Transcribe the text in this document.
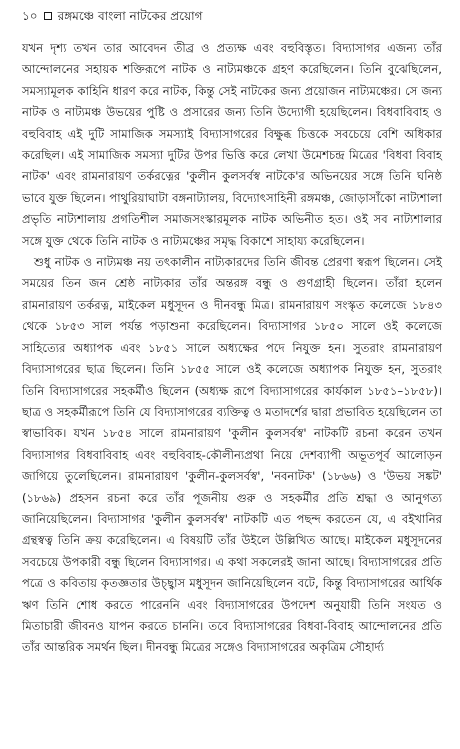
১০ রঙ্গমঞ্চে বাংলা নাটকের প্রয়োগ

যখন দৃশ্য তখন তার আবেদন তীব্র ও প্রত্যক্ষ এবং বহুবিস্তৃত। বিদ্যাসাগর এজন্য তাঁর আন্দোলনের সহায়ক শক্তিরূপে নাটক ও নাট্যমঞ্চকে গ্রহণ করেছিলেন। তিনি বুঝেছিলেন, সমস্যামূলক কাহিনি ধারণ করে নাটক, কিন্তু সেই নাটকের জন্য প্রয়োজন নাট্যমঞ্চের। সে জন্য নাটক ও নাট্যমঞ্চ উভয়ের পুষ্টি ও প্রসারের জন্য তিনি উদ্যোগী হয়েছিলেন। বিধবাবিবাহ ও বহুবিবাহ এই দুটি সামাজিক সমস্যাই বিদ্যাসাগরের বিক্ষুব্ধ চিত্তকে সবচেয়ে বেশি অধিকার করেছিল। এই সামাজিক সমস্যা দুটির উপর ভিত্তি করে লেখা উমেশচন্দ্র মিত্রের 'বিধবা বিবাহ নাটক' এবং রামনারায়ণ তর্করত্নের 'কুলীন কুলসর্বস্ব নাটকে'র অভিনয়ের সঙ্গে তিনি ঘনিষ্ঠ ভাবে যুক্ত ছিলেন। পাথুরিয়াঘাটা বঙ্গনাট্যালয়, বিদ্যোৎসাহিনী রঙ্গমঞ্চ, জোড়াসাঁকো নাট্যশালা প্রভৃতি নাট্যশালায় প্রগতিশীল সমাজসংস্কারমূলক নাটক অভিনীত হত। ওই সব নাট্যশালার সঙ্গে যুক্ত থেকে তিনি নাটক ও নাট্যমঞ্চের সমৃদ্ধ বিকাশে সাহায্য করেছিলেন।

শুধু নাটক ও নাট্যমঞ্চ নয় তৎকালীন নাট্যকারদের তিনি জীবন্ত প্রেরণা স্বরূপ ছিলেন। সেই সময়ের তিন জন শ্রেষ্ঠ নাট্যকার তাঁর অন্তরঙ্গ বন্ধু ও গুণগ্রাহী ছিলেন। তাঁরা হলেন রামনারায়ণ তর্করত্ন, মাইকেল মধুসূদন ও দীনবন্ধু মিত্র। রামনারায়ণ সংস্কৃত কলেজে ১৮৪৩ থেকে ১৮৫৩ সাল পর্যন্ত পড়াশুনা করেছিলেন। বিদ্যাসাগর ১৮৫০ সালে ওই কলেজে সাহিত্যের অধ্যাপক এবং ১৮৫১ সালে অধ্যক্ষের পদে নিযুক্ত হন। সুতরাং রামনারায়ণ বিদ্যাসাগরের ছাত্র ছিলেন। তিনি ১৮৫৫ সালে ওই কলেজে অধ্যাপক নিযুক্ত হন, সুতরাং তিনি বিদ্যাসাগরের সহকর্মীও ছিলেন (অধ্যক্ষ রূপে বিদ্যাসাগরের কার্যকাল ১৮৫১–১৮৫৮)। ছাত্র ও সহকর্মীরূপে তিনি যে বিদ্যাসাগরের ব্যক্তিত্ব ও মতাদর্শের দ্বারা প্রভাবিত হয়েছিলেন তা স্বাভাবিক। যখন ১৮৫৪ সালে রামনারায়ণ 'কুলীন কুলসর্বস্ব' নাটকটি রচনা করেন তখন বিদ্যাসাগর বিধবাবিবাহ এবং বহুবিবাহ-কৌলীন্যপ্রথা নিয়ে দেশব্যাপী অভূতপূর্ব আলোড়ন জাগিয়ে তুলেছিলেন। রামনারায়ণ 'কুলীন-কুলসর্বস্ব', 'নবনাটক' (১৮৬৬) ও 'উভয় সঙ্কট' (১৮৬৯) প্রহসন রচনা করে তাঁর পূজনীয় গুরু ও সহকর্মীর প্রতি শ্রদ্ধা ও আনুগত্য জানিয়েছিলেন। বিদ্যাসাগর 'কুলীন কুলসর্বস্ব' নাটকটি এত পছন্দ করতেন যে, এ বইখানির গ্রন্থস্বত্ব তিনি ক্রয় করেছিলেন। এ বিষয়টি তাঁর উইলে উল্লিখিত আছে। মাইকেল মধুসূদনের সবচেয়ে উপকারী বন্ধু ছিলেন বিদ্যাসাগর। এ কথা সকলেরই জানা আছে। বিদ্যাসাগরের প্রতি পত্রে ও কবিতায় কৃতজ্ঞতার উচ্ছ্বাস মধুসূদন জানিয়েছিলেন বটে, কিন্তু বিদ্যাসাগরের আর্থিক ঋণ তিনি শোধ করতে পারেননি এবং বিদ্যাসাগরের উপদেশ অনুযায়ী তিনি সংযত ও মিতাচারী জীবনও যাপন করতে চাননি। তবে বিদ্যাসাগরের বিধবা-বিবাহ আন্দোলনের প্রতি তাঁর আন্তরিক সমর্থন ছিল। দীনবন্ধু মিত্রের সঙ্গেও বিদ্যাসাগরের অকৃত্রিম সৌহার্দ্য
